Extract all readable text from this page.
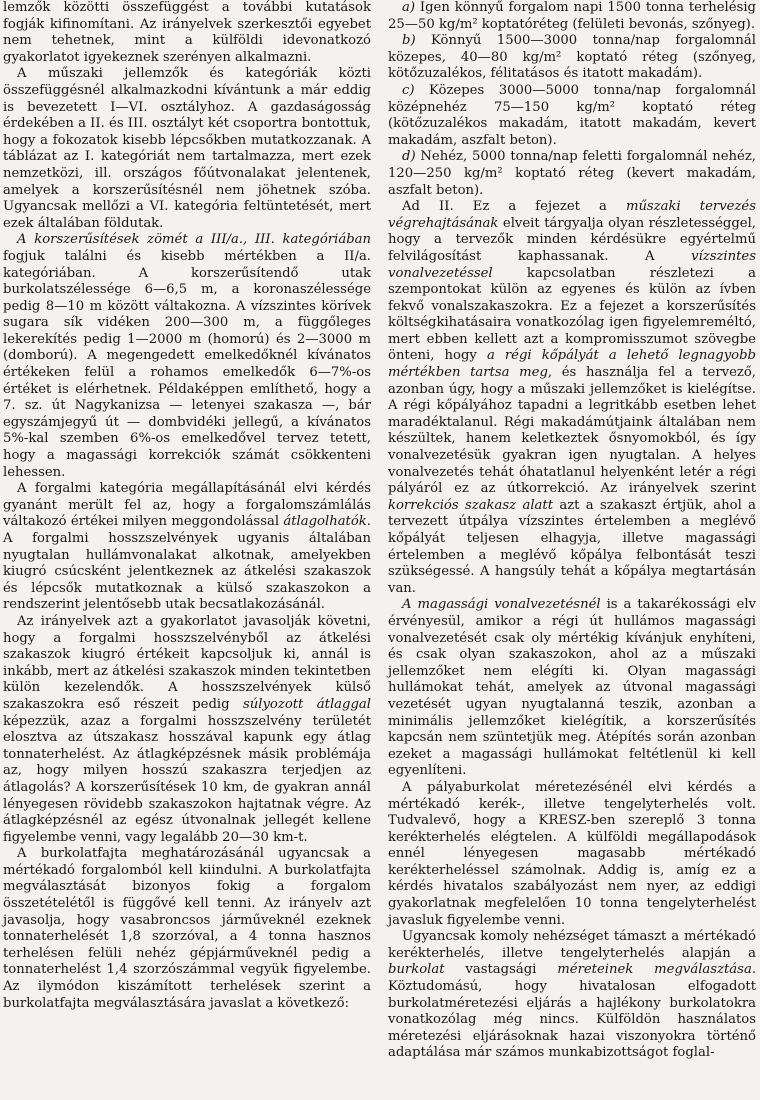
lemzők közötti összefüggést a további kutatások fogják kifinomítani. Az irányelvek szerkesztői egyebet nem tehetnek, mint a külföldi idevonatkozó gyakorlatot igyekeznek szerényen alkalmazni.

A műszaki jellemzők és kategóriák közti összefüggésnél alkalmazkodni kívántunk a már eddig is bevezetett I—VI. osztályhoz. A gazdaságosság érdekében a II. és III. osztályt két csoportra bontottuk, hogy a fokozatok kisebb lépcsőkben mutatkozzanak. A táblázat az I. kategóriát nem tartalmazza, mert ezek nemzetközi, ill. országos főútvonalakat jelentenek, amelyek a korszerűsítésnél nem jöhetnek szóba. Ugyancsak mellőzi a VI. kategória feltüntetését, mert ezek általában földutak.

A korszerűsítések zömét a III/a., III. kategóriában fogjuk találni és kisebb mértékben a II/a. kategóriában. A korszerűsítendő utak burkolatszélessége 6—6,5 m, a koronaszélessége pedig 8—10 m között váltakozna. A vízszintes körívek sugara sík vidéken 200—300 m, a függőleges lekerekítés pedig 1—2000 m (homorú) és 2—3000 m (domború). A megengedett emelkedőknél kívánatos értékeken felül a rohamos emelkedők 6—7%-os értéket is elérhetnek. Példaképpen említhető, hogy a 7. sz. út Nagykanizsa — letenyei szakasza —, bár egyszámjegyű út — dombvidéki jellegű, a kívánatos 5%-kal szemben 6%-os emelkedővel tervez tetett, hogy a magassági korrekciók számát csökkenteni lehessen.

A forgalmi kategória megállapításánál elvi kérdés gyanánt merült fel az, hogy a forgalomszámlálás váltakozó értékei milyen meggondolással átlagolhatók. A forgalmi hosszszelvények ugyanis általában nyugtalan hullámvonalakat alkotnak, amelyekben kiugró csúcsként jelentkeznek az átkelési szakaszok és lépcsők mutatkoznak a külső szakaszokon a rendszerint jelentősebb utak becsatlakozásánál.

Az irányelvek azt a gyakorlatot javasolják követni, hogy a forgalmi hosszszelvényből az átkelési szakaszok kiugró értékeit kapcsoljuk ki, annál is inkább, mert az átkelési szakaszok minden tekintetben külön kezelendők. A hosszszelvények külső szakaszokra eső részeit pedig súlyozott átlaggal képezzük, azaz a forgalmi hosszszelvény területét elosztva az útszakasz hosszával kapunk egy átlag tonnaterhelést. Az átlagképzésnek másik problémája az, hogy milyen hosszú szakaszra terjedjen az átlagolás? A korszerűsítések 10 km, de gyakran annál lényegesen rövidebb szakaszokon hajtatnak végre. Az átlagképzésnél az egész útvonalnak jellegét kellene figyelembe venni, vagy legalább 20—30 km-t.

A burkolatfajta meghatározásánál ugyancsak a mértékadó forgalomból kell kiindulni. A burkolatfajta megválasztását bizonyos fokig a forgalom összetételétől is függővé kell tenni. Az irányelv azt javasolja, hogy vasabroncsos járműveknél ezeknek tonnaterhelését 1,8 szorzóval, a 4 tonna hasznos terhelésen felüli nehéz gépjárműveknél pedig a tonnaterhelést 1,4 szorzószámmal vegyük figyelembe. Az ilymódon kiszámított terhelések szerint a burkolatfajta megválasztására javaslat a következő:

a) Igen könnyű forgalom napi 1500 tonna terhelésig 25—50 kg/m² koptatóréteg (felületi bevonás, szőnyeg).

b) Könnyű 1500—3000 tonna/nap forgalomnál közepes, 40—80 kg/m² koptató réteg (szőnyeg, kötőzuzalékos, félitatásos és itatott makadám).

c) Közepes 3000—5000 tonna/nap forgalomnál középnehéz 75—150 kg/m² koptató réteg (kötőzuzalékos makadám, itatott makadám, kevert makadám, aszfalt beton).

d) Nehéz, 5000 tonna/nap feletti forgalomnál nehéz, 120—250 kg/m² koptató réteg (kevert makadám, aszfalt beton).

Ad II. Ez a fejezet a műszaki tervezés végrehajtásának elveit tárgyalja olyan részletességgel, hogy a tervezők minden kérdésükre egyértelmű felvilágosítást kaphassanak. A vízszintes vonalvezetéssel kapcsolatban részletezi a szempontokat külön az egyenes és külön az ívben fekvő vonalszakaszokra. Ez a fejezet a korszerűsítés költségkihatásaira vonatkozólag igen figyelemreméltó, mert ebben kellett azt a kompromisszumot szövegbe önteni, hogy a régi kőpályát a lehető legnagyobb mértékben tartsa meg, és használja fel a tervező, azonban úgy, hogy a műszaki jellemzőket is kielégítse. A régi kőpályához tapadni a legritkább esetben lehet maradéktalanul. Régi makadámútjaink általában nem készültek, hanem keletkeztek ősnyomokból, és így vonalvezetésük gyakran igen nyugtalan. A helyes vonalvezetés tehát óhatatlanul helyenként letér a régi pályáról ez az útkorrekció. Az irányelvek szerint korrekciós szakasz alatt azt a szakaszt értjük, ahol a tervezett útpálya vízszintes értelemben a meglévő kőpályát teljesen elhagyja, illetve magassági értelemben a meglévő kőpálya felbontását teszi szükségessé. A hangsúly tehát a kőpálya megtartásán van.

A magassági vonalvezetésnél is a takarékossági elv érvényesül, amikor a régi út hullámos magassági vonalvezetését csak oly mértékig kívánjuk enyhíteni, és csak olyan szakaszokon, ahol az a műszaki jellemzőket nem elégíti ki. Olyan magassági hullámokat tehát, amelyek az útvonal magassági vezetését ugyan nyugtalanná teszik, azonban a minimális jellemzőket kielégítik, a korszerűsítés kapcsán nem szüntetjük meg. Átépítés során azonban ezeket a magassági hullámokat feltétlenül ki kell egyenlíteni.

A pályaburkolat méretezésénél elvi kérdés a mértékadó kerék-, illetve tengelyterhelés volt. Tudvalevő, hogy a KRESZ-ben szereplő 3 tonna kerékterhelés elégtelen. A külföldi megállapodások ennél lényegesen magasabb mértékadó kerékterheléssel számolnak. Addig is, amíg ez a kérdés hivatalos szabályozást nem nyer, az eddigi gyakorlatnak megfelelően 10 tonna tengelyterhelést javasluk figyelembe venni.

Ugyancsak komoly nehézséget támaszt a mértékadó kerékterhelés, illetve tengelyterhelés alapján a burkolat vastagsági méreteinek megválasztása. Köztudomású, hogy hivatalosan elfogadott burkolatméretezési eljárás a hajlékony burkolatokra vonatkozólag még nincs. Külföldön használatos méretezési eljárásoknak hazai viszonyokra történő adaptálása már számos munkabizottságot foglal-
